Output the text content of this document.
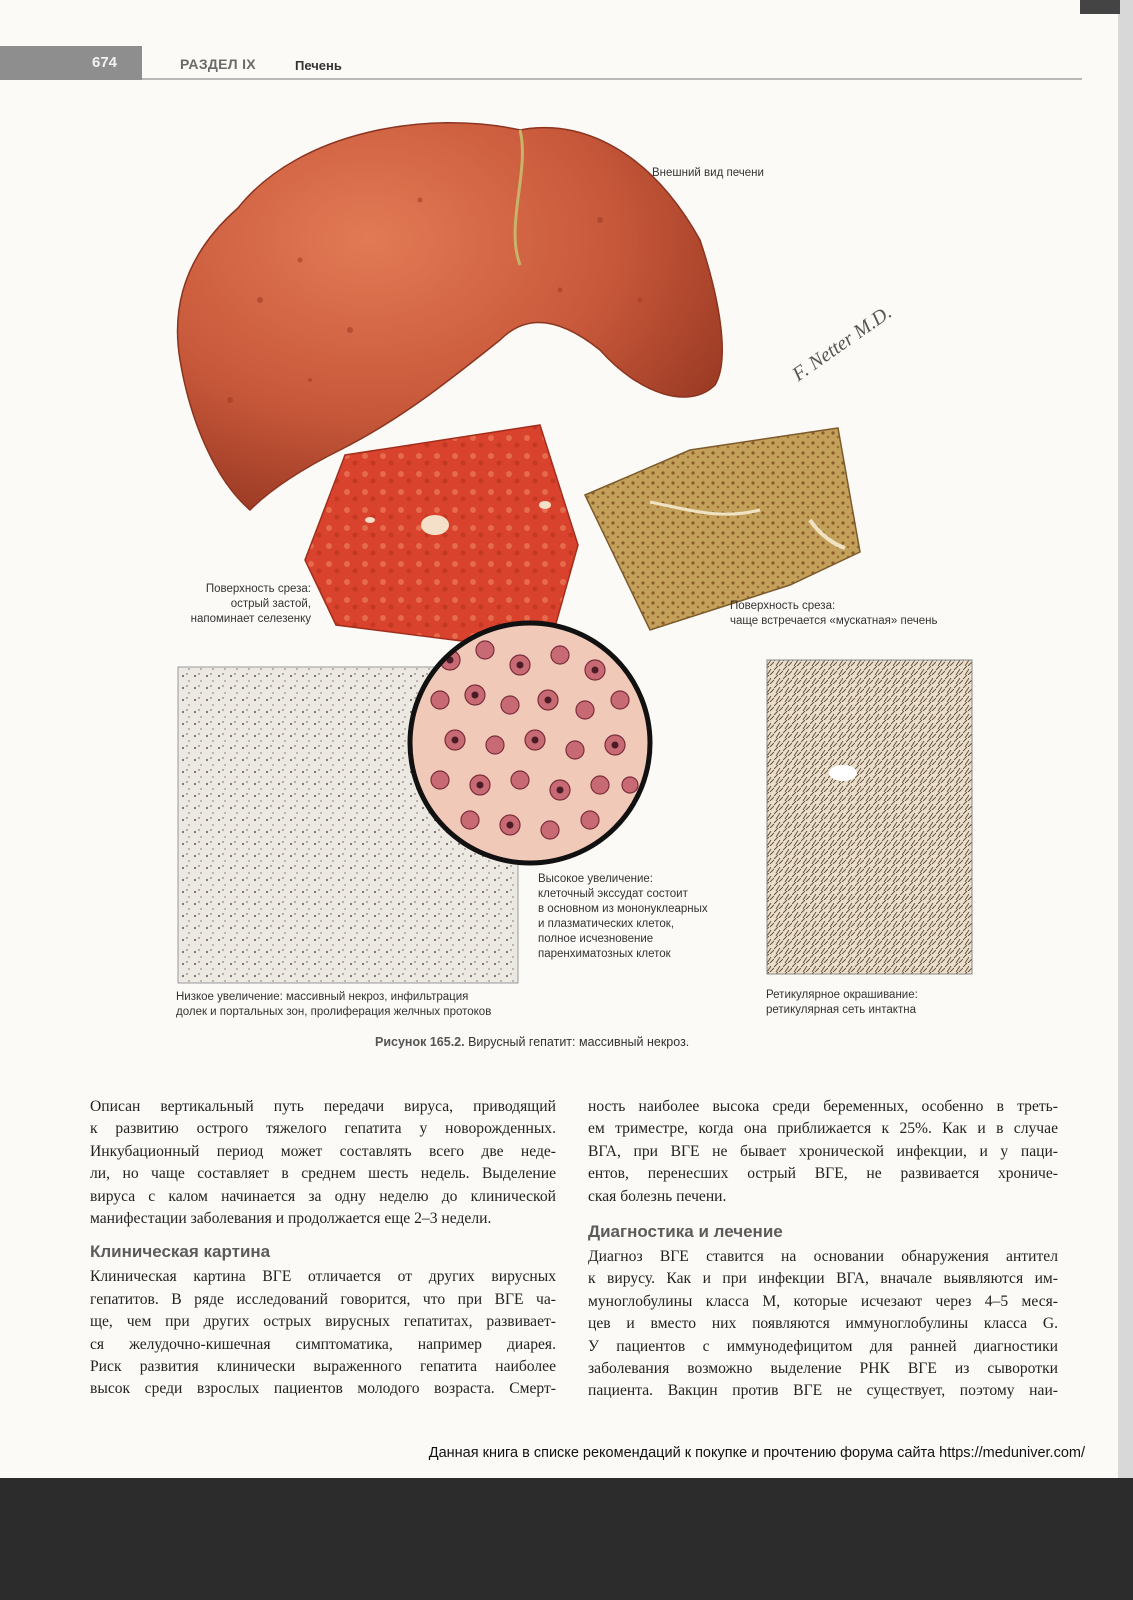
674	РАЗДЕЛ IX	Печень
F. Netter M.D.
Внешний вид печени
Поверхность среза:
острый застой,
напоминает селезенку
Поверхность среза:
чаще встречается «мускатная» печень
Высокое увеличение:
клеточный экссудат состоит
в основном из мононуклеарных
и плазматических клеток,
полное исчезновение
паренхиматозных клеток
Низкое увеличение: массивный некроз, инфильтрация
долек и портальных зон, пролиферация желчных протоков
Ретикулярное окрашивание:
ретикулярная сеть интактна
Рисунок 165.2. Вирусный гепатит: массивный некроз.

Описан вертикальный путь передачи вируса, приводящий
к развитию острого тяжелого гепатита у новорожденных.
Инкубационный период может составлять всего две неде-
ли, но чаще составляет в среднем шесть недель. Выделение
вируса с калом начинается за одну неделю до клинической
манифестации заболевания и продолжается еще 2–3 недели.

Клиническая картина

Клиническая картина ВГЕ отличается от других вирусных
гепатитов. В ряде исследований говорится, что при ВГЕ ча-
ще, чем при других острых вирусных гепатитах, развивает-
ся желудочно-кишечная симптоматика, например диарея.
Риск развития клинически выраженного гепатита наиболее
высок среди взрослых пациентов молодого возраста. Смерт-

ность наиболее высока среди беременных, особенно в треть-
ем триместре, когда она приближается к 25%. Как и в случае
ВГА, при ВГЕ не бывает хронической инфекции, и у паци-
ентов, перенесших острый ВГЕ, не развивается хрониче-
ская болезнь печени.

Диагностика и лечение

Диагноз ВГЕ ставится на основании обнаружения антител
к вирусу. Как и при инфекции ВГА, вначале выявляются им-
муноглобулины класса М, которые исчезают через 4–5 меся-
цев и вместо них появляются иммуноглобулины класса G.
У пациентов с иммунодефицитом для ранней диагностики
заболевания возможно выделение РНК ВГЕ из сыворотки
пациента. Вакцин против ВГЕ не существует, поэтому наи-

Данная книга в списке рекомендаций к покупке и прочтению форума сайта https://meduniver.com/
